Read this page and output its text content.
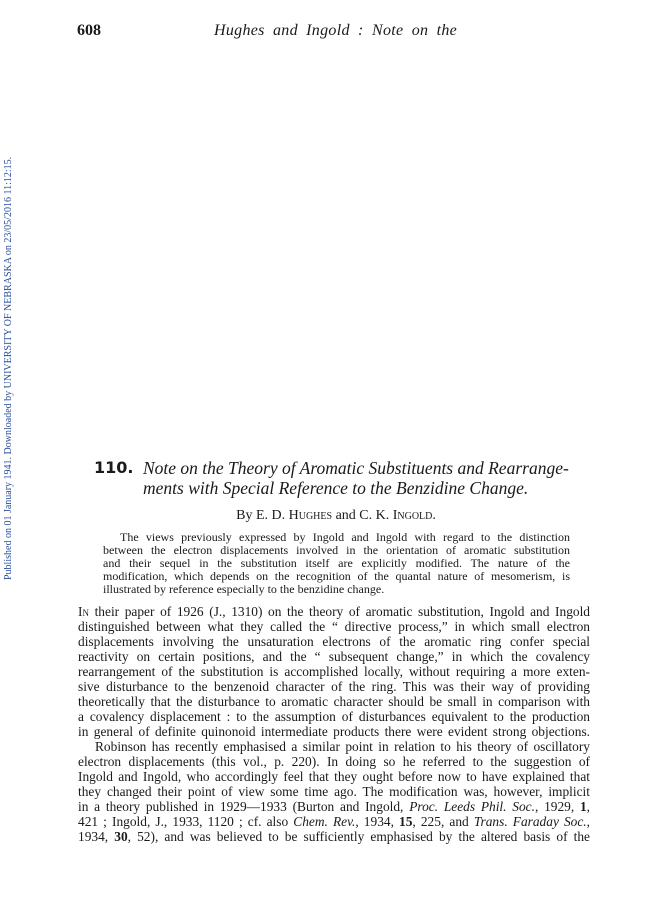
608	Hughes and Ingold : Note on the
Published on 01 January 1941. Downloaded by UNIVERSITY OF NEBRASKA on 23/05/2016 11:12:15.	110. Note on the Theory of Aromatic Substituents and Rearrange-
ments with Special Reference to the Benzidine Change.
By E. D. Hughes and C. K. Ingold.
The views previously expressed by Ingold and Ingold with regard to the distinction
between the electron displacements involved in the orientation of aromatic substitution
and their sequel in the substitution itself are explicitly modified. The nature of the
modification, which depends on the recognition of the quantal nature of mesomerism, is
illustrated by reference especially to the benzidine change.
In their paper of 1926 (J., 1310) on the theory of aromatic substitution, Ingold and Ingold
distinguished between what they called the “ directive process,” in which small electron
displacements involving the unsaturation electrons of the aromatic ring confer special
reactivity on certain positions, and the “ subsequent change,” in which the covalency
rearrangement of the substitution is accomplished locally, without requiring a more exten-
sive disturbance to the benzenoid character of the ring. This was their way of providing
theoretically that the disturbance to aromatic character should be small in comparison with
a covalency displacement : to the assumption of disturbances equivalent to the production
in general of definite quinonoid intermediate products there were evident strong objections.
Robinson has recently emphasised a similar point in relation to his theory of oscillatory
electron displacements (this vol., p. 220). In doing so he referred to the suggestion of
Ingold and Ingold, who accordingly feel that they ought before now to have explained that
they changed their point of view some time ago. The modification was, however, implicit
in a theory published in 1929—1933 (Burton and Ingold, Proc. Leeds Phil. Soc., 1929, 1,
421 ; Ingold, J., 1933, 1120 ; cf. also Chem. Rev., 1934, 15, 225, and Trans. Faraday Soc.,
1934, 30, 52), and was believed to be sufficiently emphasised by the altered basis of the
